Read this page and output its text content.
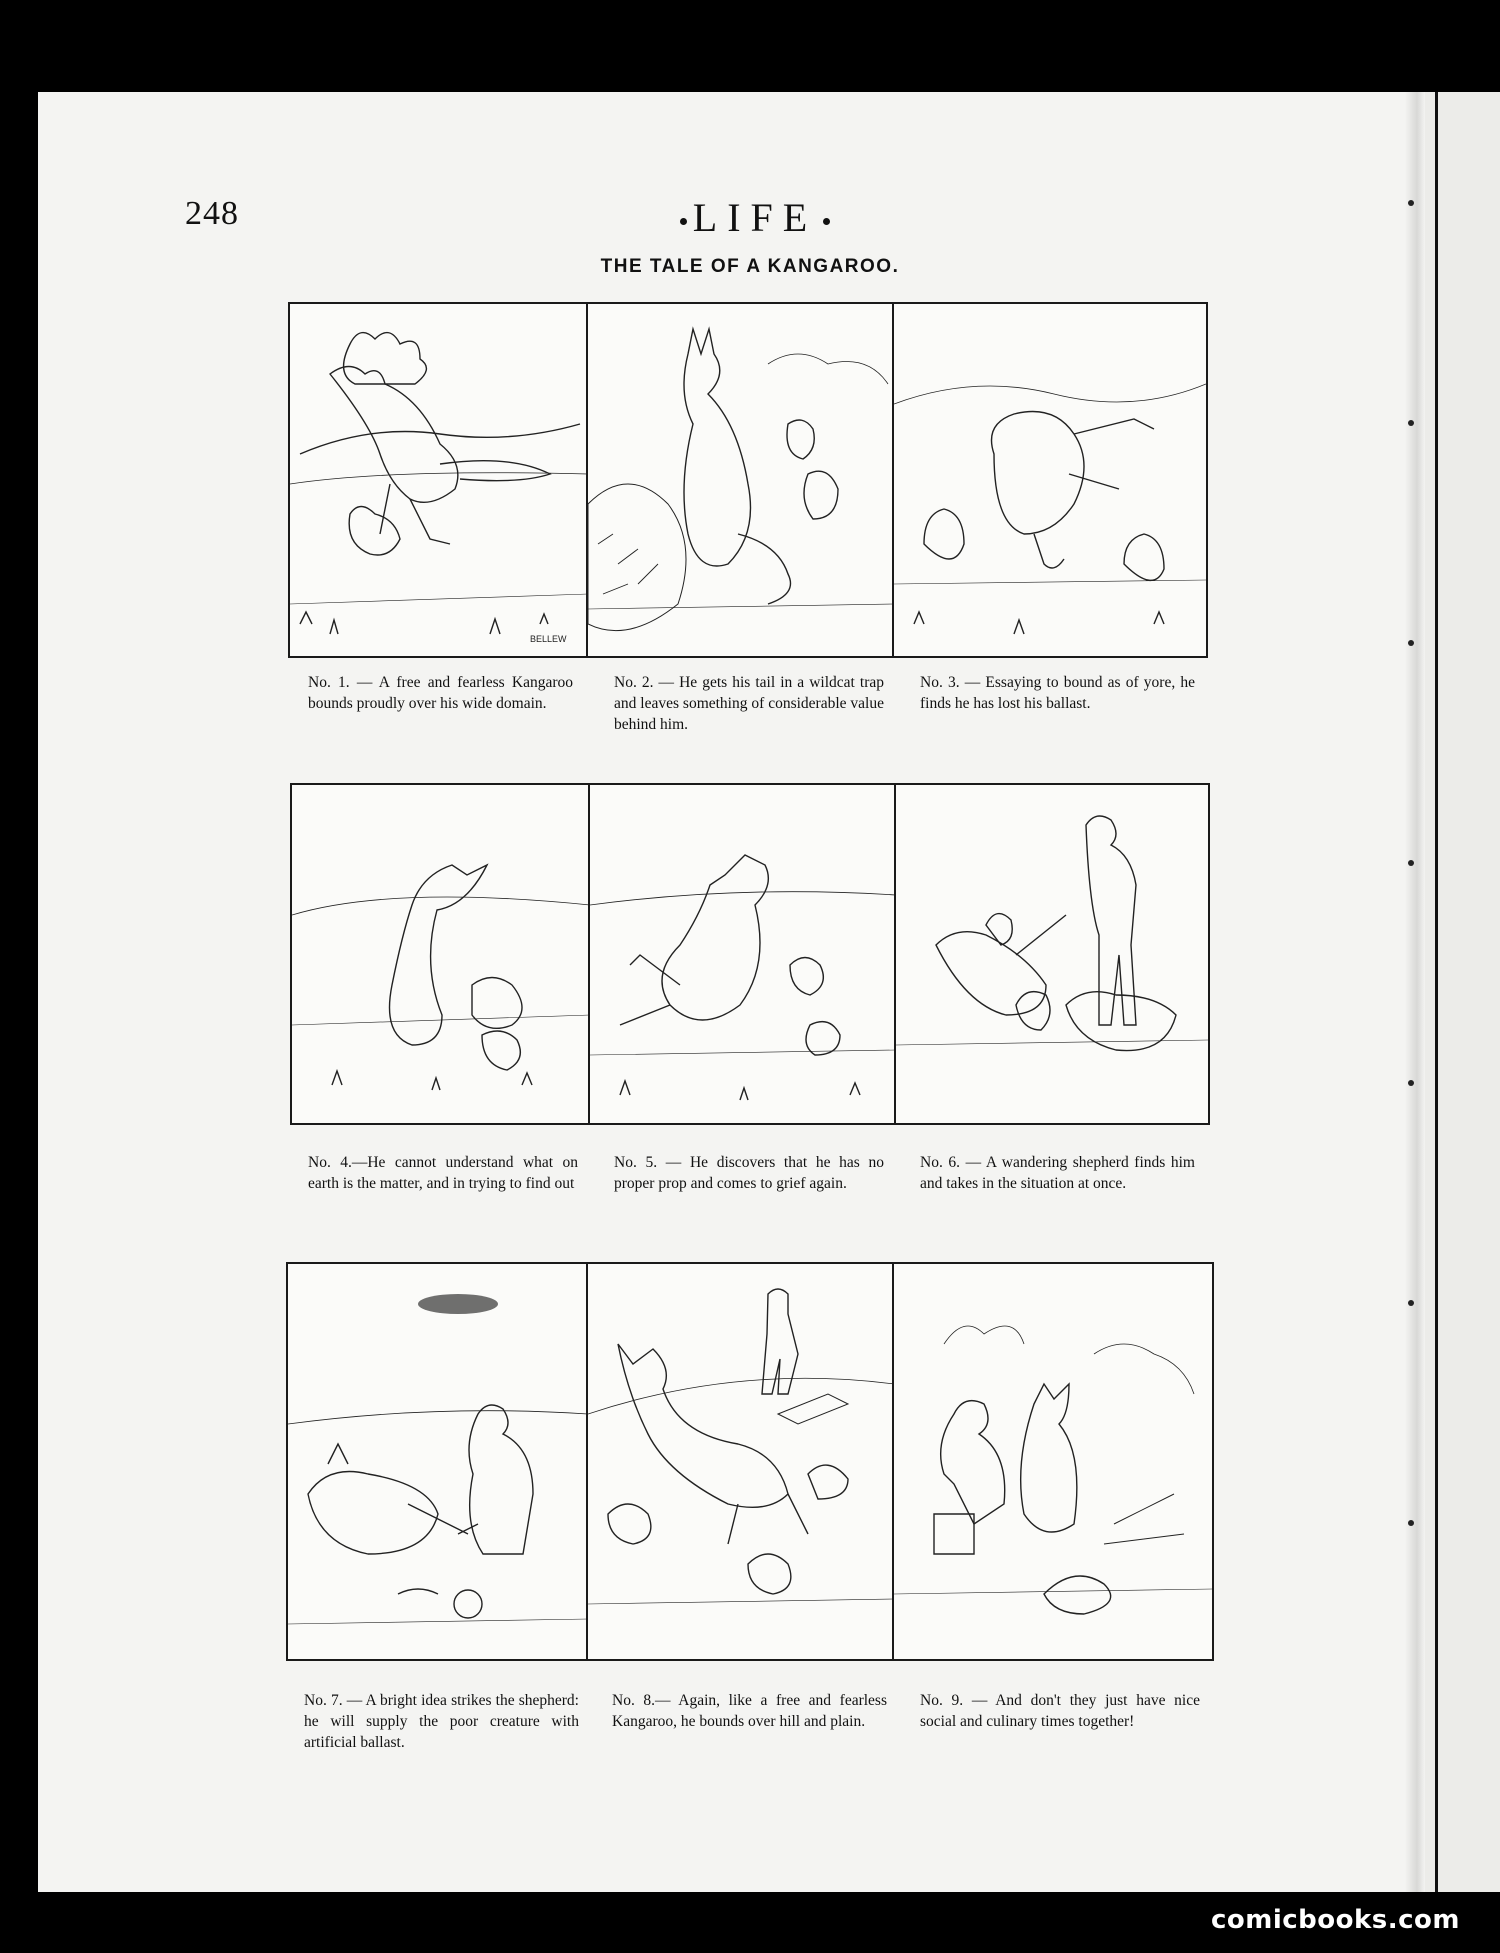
248	LIFE
THE TALE OF A KANGAROO.
BELLEW
No. 1. — A free and fearless Kangaroo bounds proudly over his wide domain.
No. 2. — He gets his tail in a wildcat trap and leaves something of considerable value behind him.
No. 3. — Essaying to bound as of yore, he finds he has lost his ballast.
No. 4.—He cannot understand what on earth is the matter, and in trying to find out
No. 5. — He discovers that he has no proper prop and comes to grief again.
No. 6. — A wandering shepherd finds him and takes in the situation at once.
No. 7. — A bright idea strikes the shepherd: he will supply the poor creature with artificial ballast.
No. 8.— Again, like a free and fearless Kangaroo, he bounds over hill and plain.
No. 9. — And don't they just have nice social and culinary times together!
comicbooks.com
